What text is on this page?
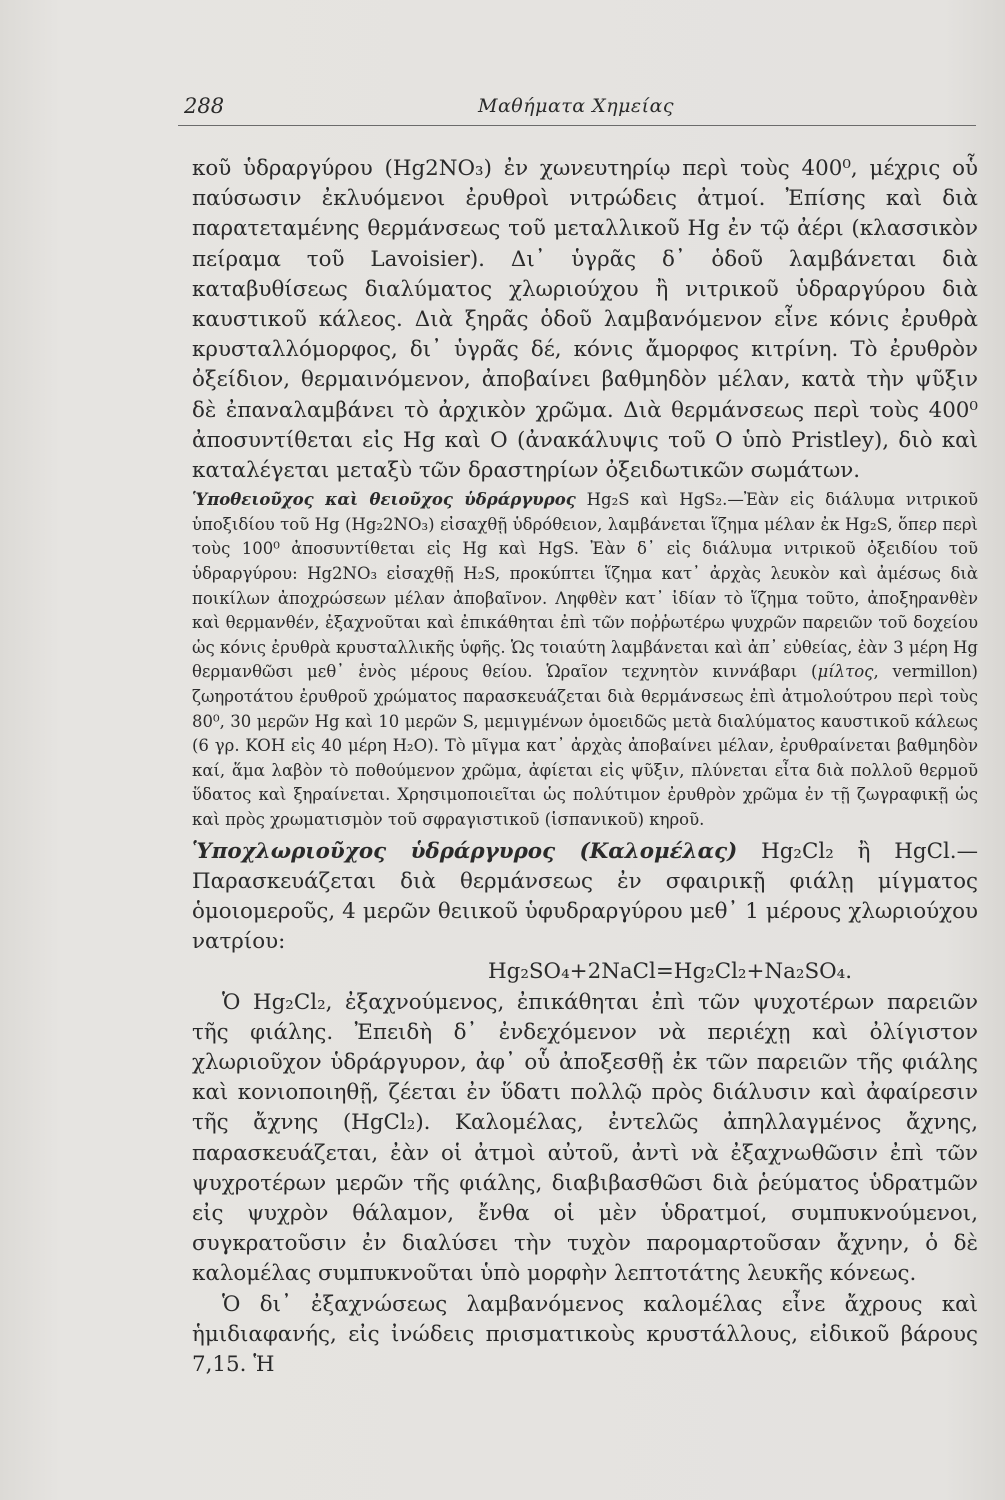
288	Μαθήματα Χημείας

κοῦ ὑδραργύρου (Hg2NO₃) ἐν χωνευτηρίῳ περὶ τοὺς 400⁰, μέχρις οὗ παύσωσιν ἐκλυόμενοι ἐρυθροὶ νιτρώδεις ἀτμοί. Ἐπίσης καὶ διὰ παρατεταμένης θερμάνσεως τοῦ μεταλλικοῦ Hg ἐν τῷ ἀέρι (κλασσικὸν πείραμα τοῦ Lavoisier). Δι᾽ ὑγρᾶς δ᾽ ὁδοῦ λαμβάνεται διὰ καταβυθίσεως διαλύματος χλωριούχου ἢ νιτρικοῦ ὑδραργύρου διὰ καυστικοῦ κάλεος. Διὰ ξηρᾶς ὁδοῦ λαμβανόμενον εἶνε κόνις ἐρυθρὰ κρυσταλλόμορφος, δι᾽ ὑγρᾶς δέ, κόνις ἄμορφος κιτρίνη. Τὸ ἐρυθρὸν ὀξείδιον, θερμαινόμενον, ἀποβαίνει βαθμηδὸν μέλαν, κατὰ τὴν ψῦξιν δὲ ἐπαναλαμβάνει τὸ ἀρχικὸν χρῶμα. Διὰ θερμάνσεως περὶ τοὺς 400⁰ ἀποσυντίθεται εἰς Hg καὶ O (ἀνακάλυψις τοῦ O ὑπὸ Pristley), διὸ καὶ καταλέγεται μεταξὺ τῶν δραστηρίων ὀξειδωτικῶν σωμάτων.

Ὑποθειοῦχος καὶ θειοῦχος ὑδράργυρος Hg₂S καὶ HgS₂.—Ἐὰν εἰς διάλυμα νιτρικοῦ ὑποξιδίου τοῦ Hg (Hg₂2NO₃) εἰσαχθῇ ὑδρόθειον, λαμβάνεται ἵζημα μέλαν ἐκ Hg₂S, ὅπερ περὶ τοὺς 100⁰ ἀποσυντίθεται εἰς Hg καὶ HgS. Ἐὰν δ᾽ εἰς διάλυμα νιτρικοῦ ὀξειδίου τοῦ ὑδραργύρου: Hg2NO₃ εἰσαχθῇ H₂S, προκύπτει ἵζημα κατ᾽ ἀρχὰς λευκὸν καὶ ἀμέσως διὰ ποικίλων ἀποχρώσεων μέλαν ἀποβαῖνον. Ληφθὲν κατ᾽ ἰδίαν τὸ ἵζημα τοῦτο, ἀποξηρανθὲν καὶ θερμανθέν, ἐξαχνοῦται καὶ ἐπικάθηται ἐπὶ τῶν ποῤῥωτέρω ψυχρῶν παρειῶν τοῦ δοχείου ὡς κόνις ἐρυθρὰ κρυσταλλικῆς ὑφῆς. Ὡς τοιαύτη λαμβάνεται καὶ ἀπ᾽ εὐθείας, ἐὰν 3 μέρη Hg θερμανθῶσι μεθ᾽ ἑνὸς μέρους θείου. Ὡραῖον τεχνητὸν κιννάβαρι (μίλτος, vermillon) ζωηροτάτου ἐρυθροῦ χρώματος παρασκευάζεται διὰ θερμάνσεως ἐπὶ ἀτμολούτρου περὶ τοὺς 80⁰, 30 μερῶν Hg καὶ 10 μερῶν S, μεμιγμένων ὁμοειδῶς μετὰ διαλύματος καυστικοῦ κάλεως (6 γρ. KOH εἰς 40 μέρη H₂O). Τὸ μῖγμα κατ᾽ ἀρχὰς ἀποβαίνει μέλαν, ἐρυθραίνεται βαθμηδὸν καί, ἅμα λαβὸν τὸ ποθούμενον χρῶμα, ἀφίεται εἰς ψῦξιν, πλύνεται εἶτα διὰ πολλοῦ θερμοῦ ὕδατος καὶ ξηραίνεται. Χρησιμοποιεῖται ὡς πολύτιμον ἐρυθρὸν χρῶμα ἐν τῇ ζωγραφικῇ ὡς καὶ πρὸς χρωματισμὸν τοῦ σφραγιστικοῦ (ἱσπανικοῦ) κηροῦ.

Ὑποχλωριοῦχος ὑδράργυρος (Καλομέλας) Hg₂Cl₂ ἢ HgCl.— Παρασκευάζεται διὰ θερμάνσεως ἐν σφαιρικῇ φιάλῃ μίγματος ὁμοιομεροῦς, 4 μερῶν θειικοῦ ὑφυδραργύρου μεθ᾽ 1 μέρους χλωριούχου νατρίου:
Hg₂SO₄+2NaCl=Hg₂Cl₂+Na₂SO₄.

Ὁ Hg₂Cl₂, ἐξαχνούμενος, ἐπικάθηται ἐπὶ τῶν ψυχοτέρων παρειῶν τῆς φιάλης. Ἐπειδὴ δ᾽ ἐνδεχόμενον νὰ περιέχῃ καὶ ὀλίγιστον χλωριοῦχον ὑδράργυρον, ἀφ᾽ οὗ ἀποξεσθῇ ἐκ τῶν παρειῶν τῆς φιάλης καὶ κονιοποιηθῇ, ζέεται ἐν ὕδατι πολλῷ πρὸς διάλυσιν καὶ ἀφαίρεσιν τῆς ἄχνης (HgCl₂). Καλομέλας, ἐντελῶς ἀπηλλαγμένος ἄχνης, παρασκευάζεται, ἐὰν οἱ ἀτμοὶ αὐτοῦ, ἀντὶ νὰ ἐξαχνωθῶσιν ἐπὶ τῶν ψυχροτέρων μερῶν τῆς φιάλης, διαβιβασθῶσι διὰ ῥεύματος ὑδρατμῶν εἰς ψυχρὸν θάλαμον, ἔνθα οἱ μὲν ὑδρατμοί, συμπυκνούμενοι, συγκρατοῦσιν ἐν διαλύσει τὴν τυχὸν παρομαρτοῦσαν ἄχνην, ὁ δὲ καλομέλας συμπυκνοῦται ὑπὸ μορφὴν λεπτοτάτης λευκῆς κόνεως.

Ὁ δι᾽ ἐξαχνώσεως λαμβανόμενος καλομέλας εἶνε ἄχρους καὶ ἡμιδιαφανής, εἰς ἰνώδεις πρισματικοὺς κρυστάλλους, εἰδικοῦ βάρους 7,15. Ἡ
